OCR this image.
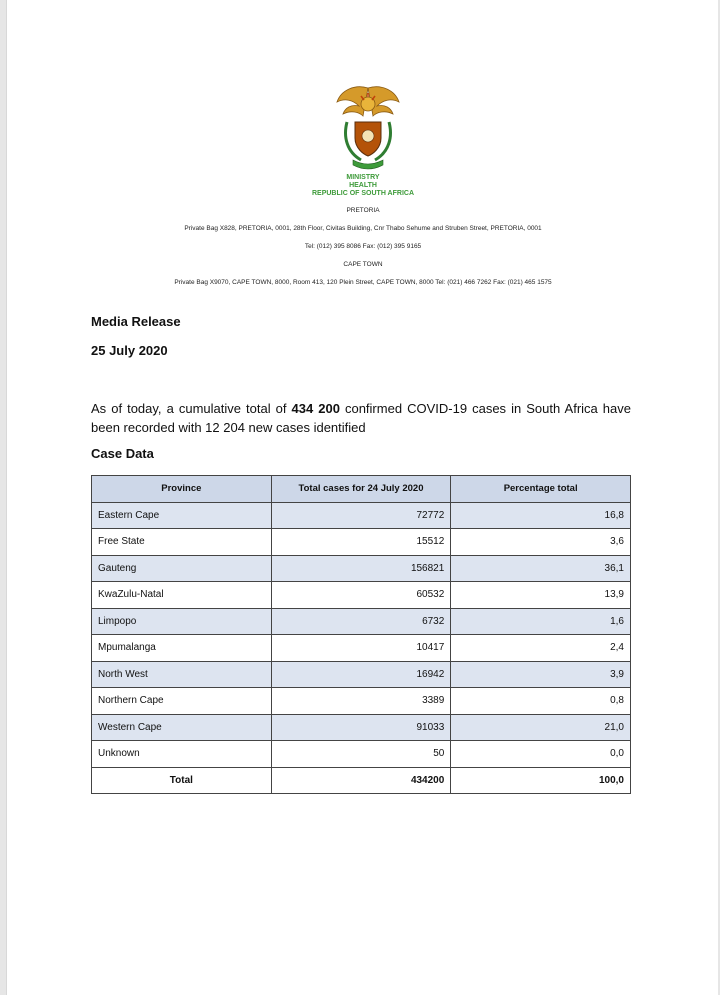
MINISTRY
HEALTH
REPUBLIC OF SOUTH AFRICA
PRETORIA
Private Bag X828, PRETORIA, 0001, 28th Floor, Civitas Building, Cnr Thabo Sehume and Struben Street, PRETORIA, 0001
Tel: (012) 395 8086 Fax: (012) 395 9165
CAPE TOWN
Private Bag X9070, CAPE TOWN, 8000, Room 413, 120 Plein Street, CAPE TOWN, 8000 Tel: (021) 466 7262 Fax: (021) 465 1575
Media Release
25 July 2020
As of today, a cumulative total of 434 200 confirmed COVID-19 cases in South Africa have
been recorded with 12 204 new cases identified
Case Data
Province	Total cases for 24 July 2020	Percentage total
Eastern Cape	72772	16,8
Free State	15512	3,6
Gauteng	156821	36,1
KwaZulu-Natal	60532	13,9
Limpopo	6732	1,6
Mpumalanga	10417	2,4
North West	16942	3,9
Northern Cape	3389	0,8
Western Cape	91033	21,0
Unknown	50	0,0
Total	434200	100,0
